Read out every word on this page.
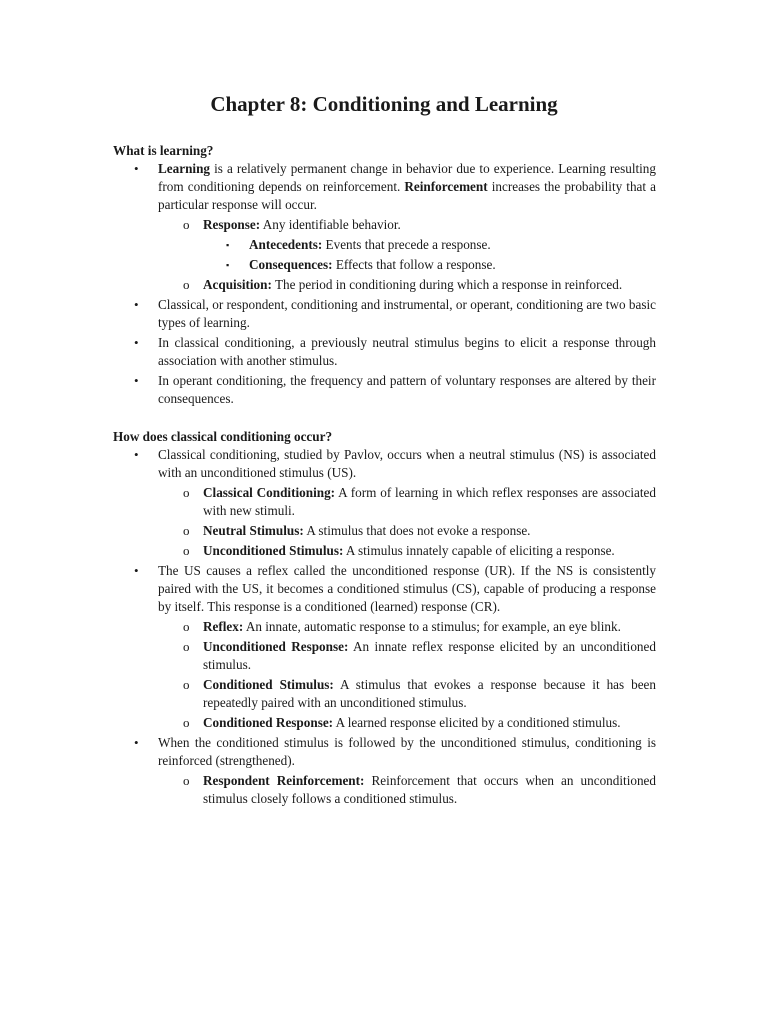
Chapter 8: Conditioning and Learning
What is learning?
• Learning is a relatively permanent change in behavior due to experience. Learning resulting from conditioning depends on reinforcement. Reinforcement increases the probability that a particular response will occur.
o Response: Any identifiable behavior.
▪ Antecedents: Events that precede a response.
▪ Consequences: Effects that follow a response.
o Acquisition: The period in conditioning during which a response in reinforced.
• Classical, or respondent, conditioning and instrumental, or operant, conditioning are two basic types of learning.
• In classical conditioning, a previously neutral stimulus begins to elicit a response through association with another stimulus.
• In operant conditioning, the frequency and pattern of voluntary responses are altered by their consequences.
How does classical conditioning occur?
• Classical conditioning, studied by Pavlov, occurs when a neutral stimulus (NS) is associated with an unconditioned stimulus (US).
o Classical Conditioning: A form of learning in which reflex responses are associated with new stimuli.
o Neutral Stimulus: A stimulus that does not evoke a response.
o Unconditioned Stimulus: A stimulus innately capable of eliciting a response.
• The US causes a reflex called the unconditioned response (UR). If the NS is consistently paired with the US, it becomes a conditioned stimulus (CS), capable of producing a response by itself. This response is a conditioned (learned) response (CR).
o Reflex: An innate, automatic response to a stimulus; for example, an eye blink.
o Unconditioned Response: An innate reflex response elicited by an unconditioned stimulus.
o Conditioned Stimulus: A stimulus that evokes a response because it has been repeatedly paired with an unconditioned stimulus.
o Conditioned Response: A learned response elicited by a conditioned stimulus.
• When the conditioned stimulus is followed by the unconditioned stimulus, conditioning is reinforced (strengthened).
o Respondent Reinforcement: Reinforcement that occurs when an unconditioned stimulus closely follows a conditioned stimulus.
